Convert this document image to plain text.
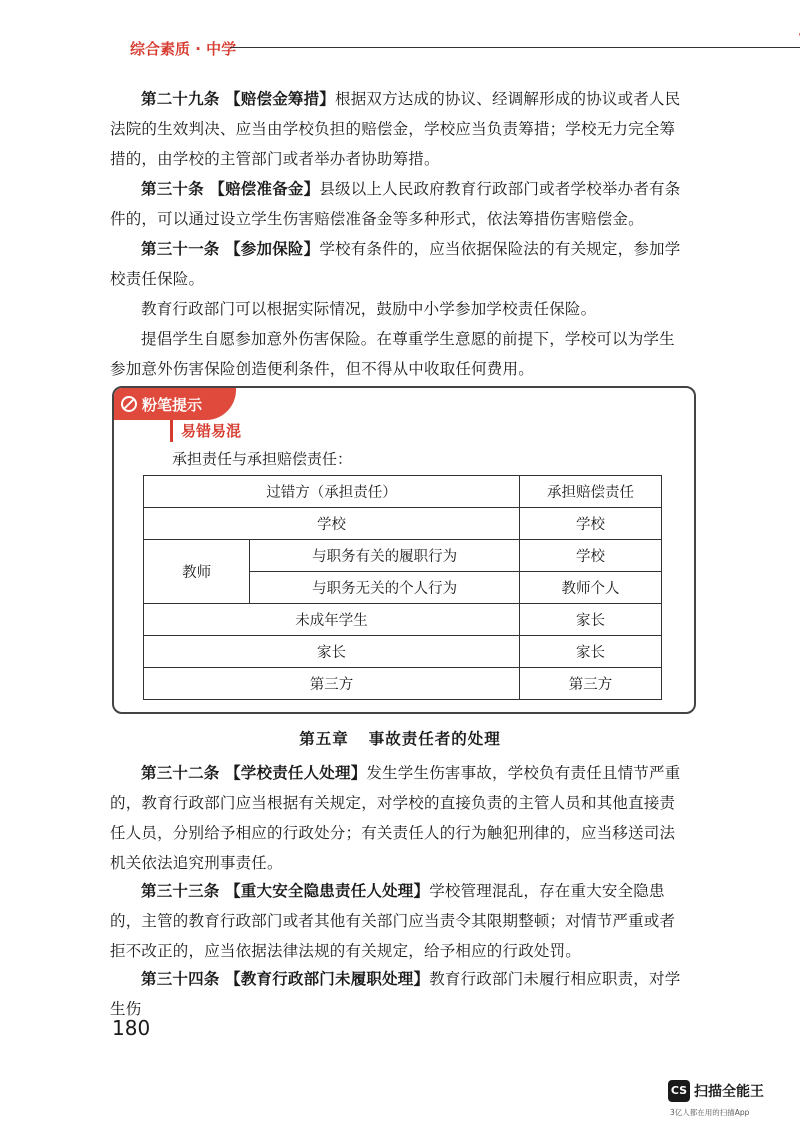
综合素质 · 中学
第二十九条 【赔偿金筹措】根据双方达成的协议、经调解形成的协议或者人民法院的生效判决、应当由学校负担的赔偿金，学校应当负责筹措；学校无力完全筹措的，由学校的主管部门或者举办者协助筹措。
第三十条 【赔偿准备金】县级以上人民政府教育行政部门或者学校举办者有条件的，可以通过设立学生伤害赔偿准备金等多种形式，依法筹措伤害赔偿金。
第三十一条 【参加保险】学校有条件的，应当依据保险法的有关规定，参加学校责任保险。
教育行政部门可以根据实际情况，鼓励中小学参加学校责任保险。
提倡学生自愿参加意外伤害保险。在尊重学生意愿的前提下，学校可以为学生参加意外伤害保险创造便利条件，但不得从中收取任何费用。
粉笔提示
易错易混
承担责任与承担赔偿责任：
过错方（承担责任）		承担赔偿责任
学校		学校
教师	与职务有关的履职行为	学校
	与职务无关的个人行为	教师个人
未成年学生		家长
家长		家长
第三方		第三方
第五章 事故责任者的处理
第三十二条 【学校责任人处理】发生学生伤害事故，学校负有责任且情节严重的，教育行政部门应当根据有关规定，对学校的直接负责的主管人员和其他直接责任人员，分别给予相应的行政处分；有关责任人的行为触犯刑律的，应当移送司法机关依法追究刑事责任。
第三十三条 【重大安全隐患责任人处理】学校管理混乱，存在重大安全隐患的，主管的教育行政部门或者其他有关部门应当责令其限期整顿；对情节严重或者拒不改正的，应当依据法律法规的有关规定，给予相应的行政处罚。
第三十四条 【教育行政部门未履职处理】教育行政部门未履行相应职责，对学生伤
180
CS 扫描全能王
3亿人都在用的扫描App
